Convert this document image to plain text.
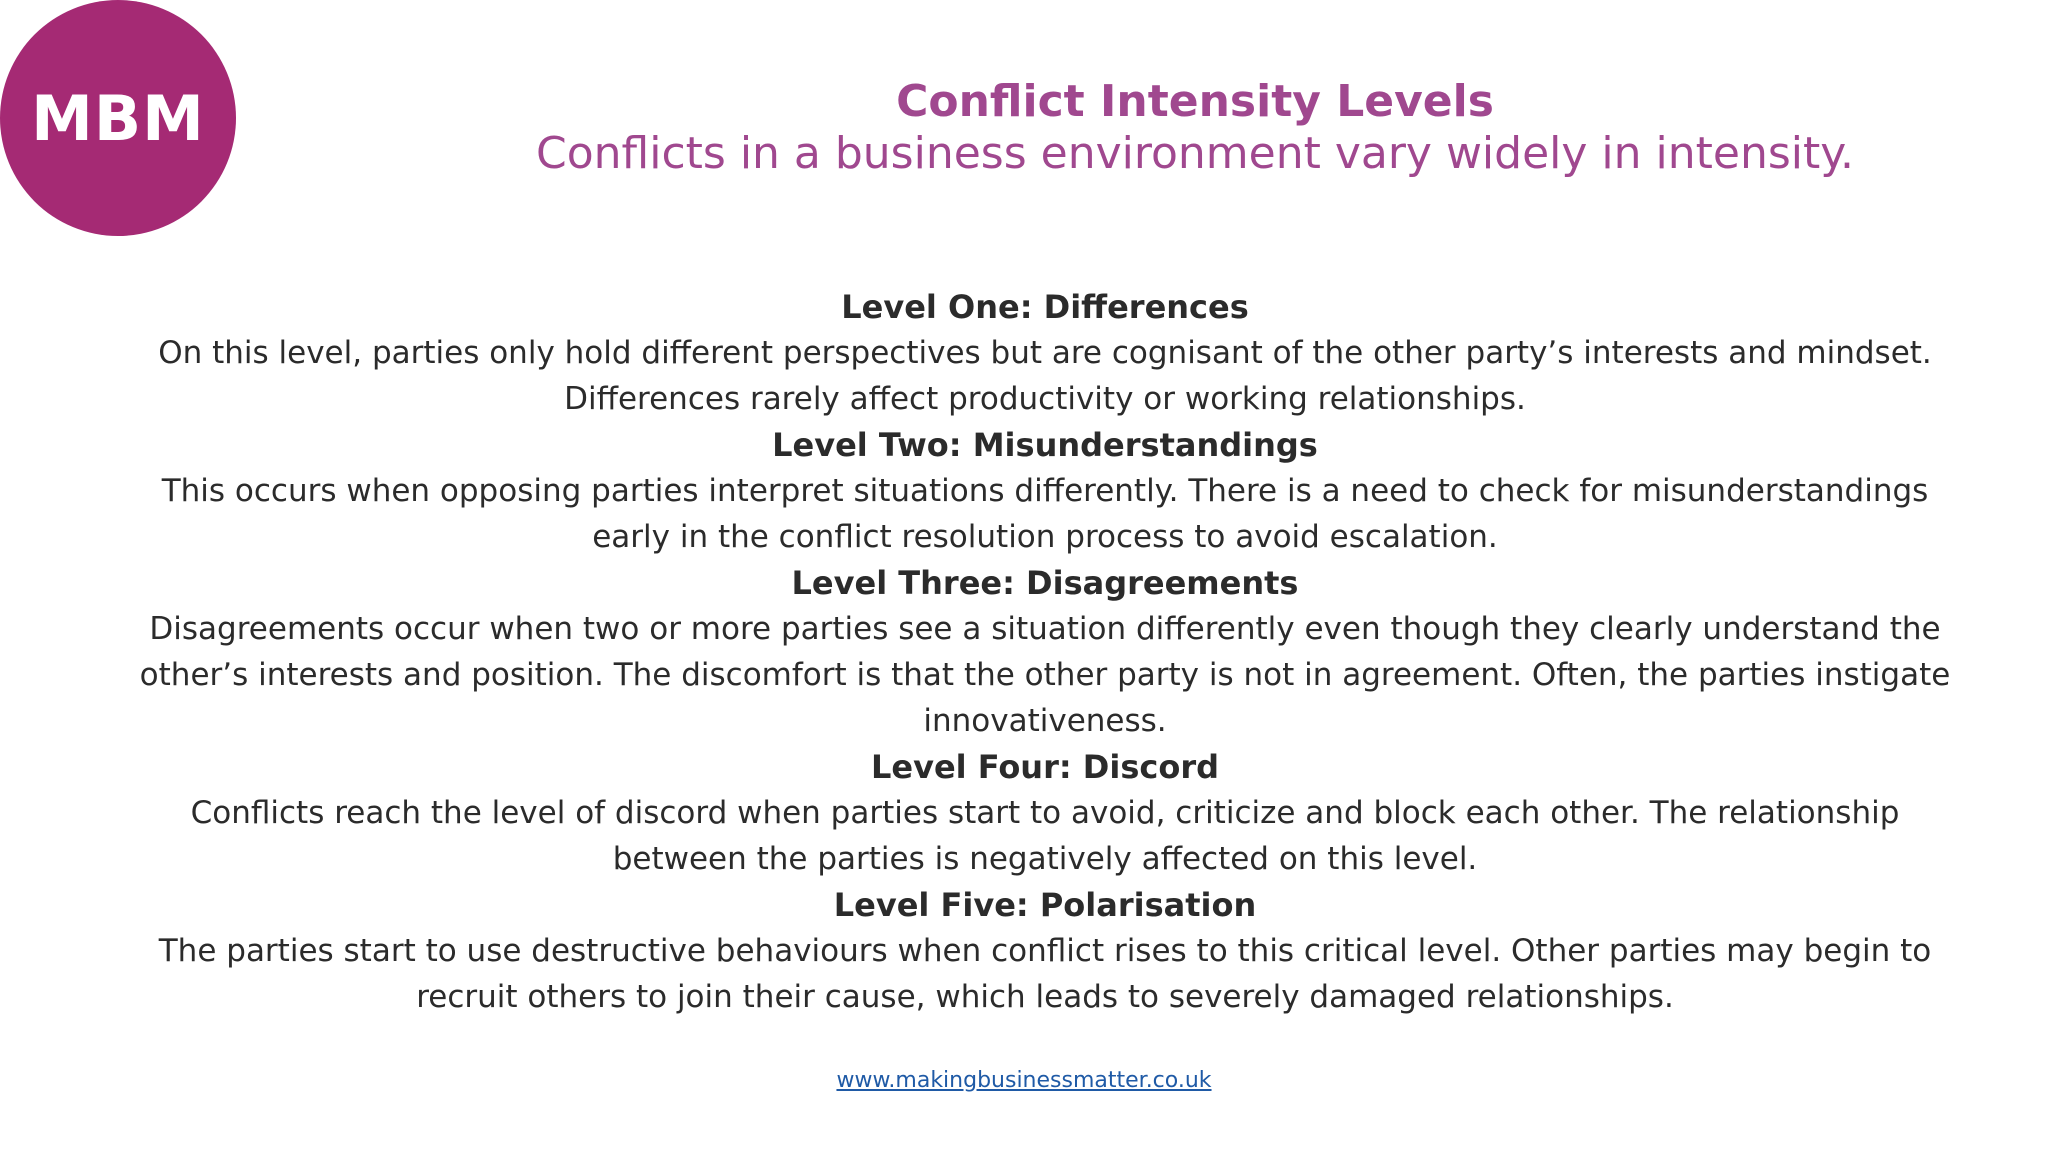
MBM	Conflict Intensity Levels
Conflicts in a business environment vary widely in intensity.
Level One: Differences
On this level, parties only hold different perspectives but are cognisant of the other party’s interests and mindset.
Differences rarely affect productivity or working relationships.
Level Two: Misunderstandings
This occurs when opposing parties interpret situations differently. There is a need to check for misunderstandings
early in the conflict resolution process to avoid escalation.
Level Three: Disagreements
Disagreements occur when two or more parties see a situation differently even though they clearly understand the
other’s interests and position. The discomfort is that the other party is not in agreement. Often, the parties instigate
innovativeness.
Level Four: Discord
Conflicts reach the level of discord when parties start to avoid, criticize and block each other. The relationship
between the parties is negatively affected on this level.
Level Five: Polarisation
The parties start to use destructive behaviours when conflict rises to this critical level. Other parties may begin to
recruit others to join their cause, which leads to severely damaged relationships.
www.makingbusinessmatter.co.uk
